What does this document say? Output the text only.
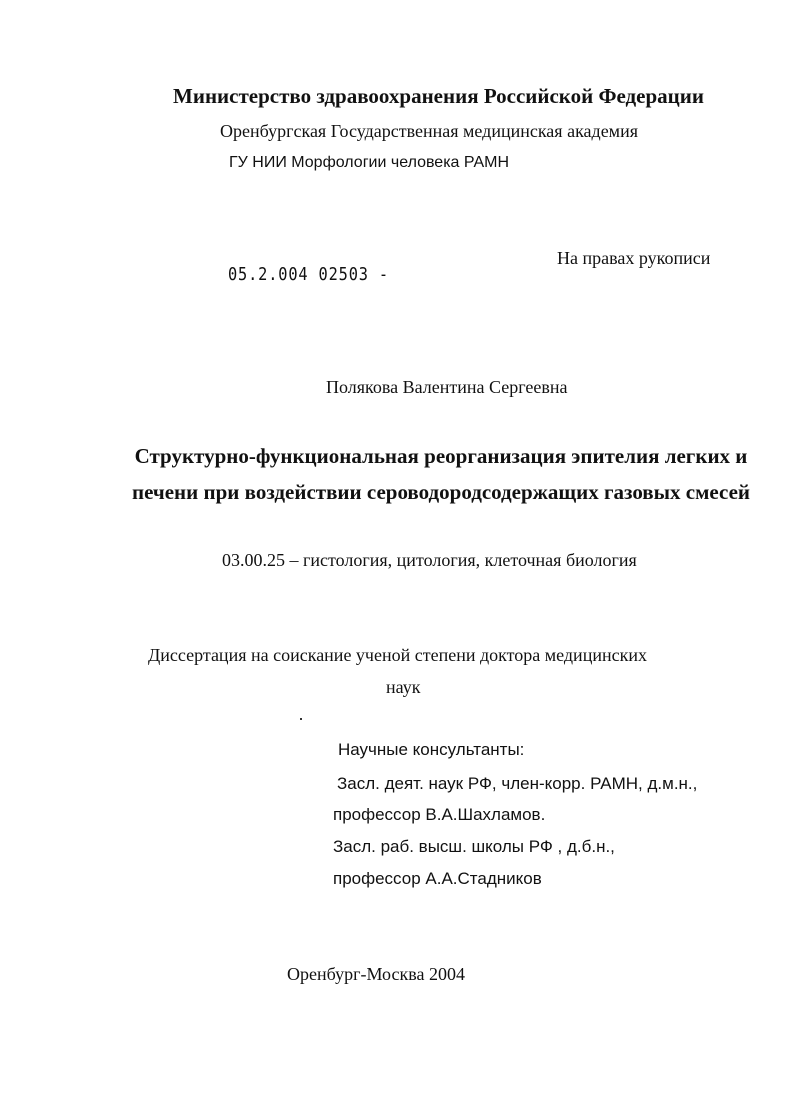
Министерство здравоохранения Российской Федерации
Оренбургская Государственная медицинская академия
ГУ НИИ Морфологии человека РАМН
05.2.004 02503 -
На правах рукописи
Полякова Валентина Сергеевна
Структурно-функциональная реорганизация эпителия легких и печени при воздействии сероводородсодержащих газовых смесей
03.00.25 – гистология, цитология, клеточная биология
Диссертация на соискание ученой степени доктора медицинских
наук
Научные консультанты:
Засл. деят. наук РФ, член-корр. РАМН, д.м.н.,
профессор В.А.Шахламов.
Засл. раб. высш. школы РФ , д.б.н.,
профессор А.А.Стадников
Оренбург-Москва 2004
